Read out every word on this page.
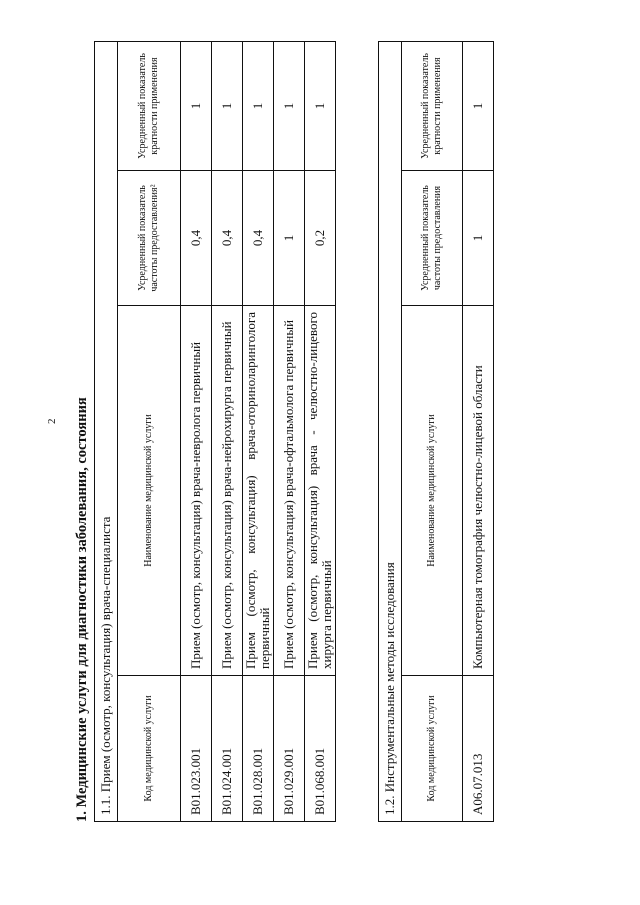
2 1. Медицинские услуги для диагностики заболевания, состояния 1.1. Прием (осмотр, консультация) врача-специалиста			
Код медицинской услуги	Наименование медицинской услуги	Усредненный показатель частоты предоставления²	Усредненный показатель кратности применения
B01.023.001	Прием (осмотр, консультация) врача-невролога первичный	0,4	1
B01.024.001	Прием (осмотр, консультация) врача-нейрохирурга первичный	0,4	1
B01.028.001	Прием (осмотр, консультация) врача-оториноларинголога первичный	0,4	1
B01.029.001	Прием (осмотр, консультация) врача-офтальмолога первичный	1	1
B01.068.001	Прием (осмотр, консультация) врача - челюстно-лицевого хирурга первичный	0,2	1
1.2. Инструментальные методы исследования			
Код медицинской услуги	Наименование медицинской услуги	Усредненный показатель частоты предоставления	Усредненный показатель кратности применения
A06.07.013	Компьютерная томография челюстно-лицевой области	1	1
